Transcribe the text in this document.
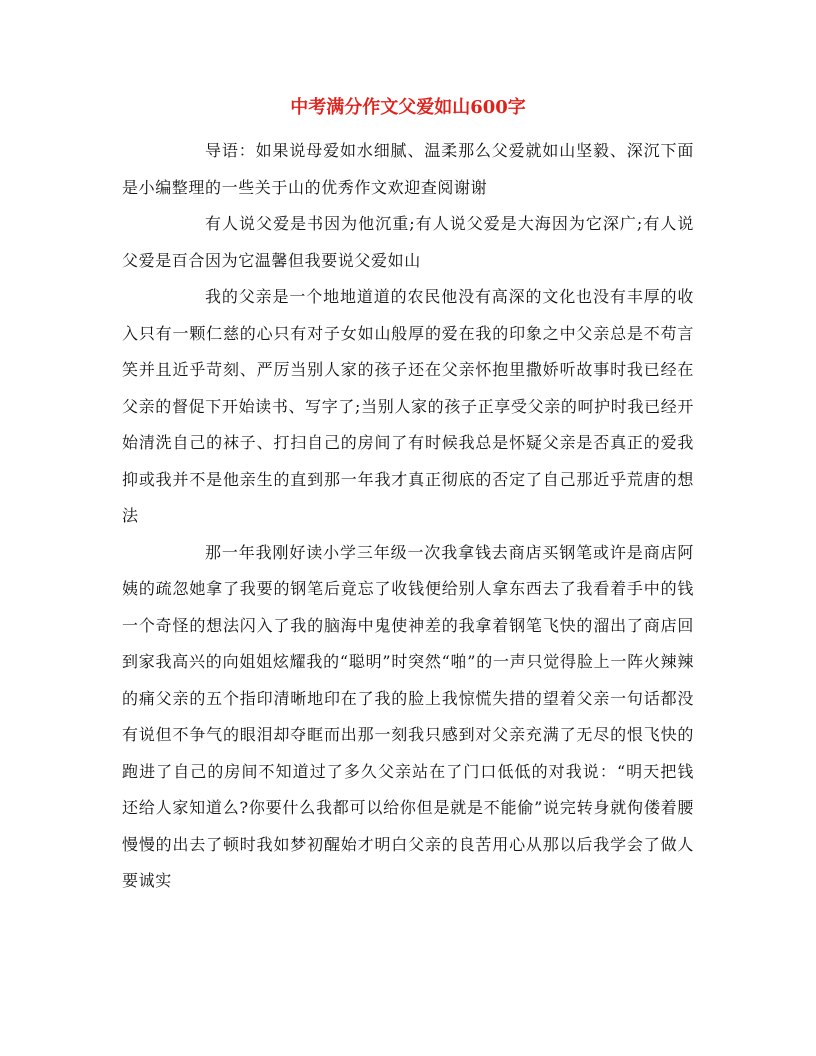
中考满分作文父爱如山600字

导语：如果说母爱如水细腻、温柔那么父爱就如山坚毅、深沉下面是小编整理的一些关于山的优秀作文欢迎查阅谢谢

有人说父爱是书因为他沉重;有人说父爱是大海因为它深广;有人说父爱是百合因为它温馨但我要说父爱如山

我的父亲是一个地地道道的农民他没有高深的文化也没有丰厚的收入只有一颗仁慈的心只有对子女如山般厚的爱在我的印象之中父亲总是不苟言笑并且近乎苛刻、严厉当别人家的孩子还在父亲怀抱里撒娇听故事时我已经在父亲的督促下开始读书、写字了;当别人家的孩子正享受父亲的呵护时我已经开始清洗自己的袜子、打扫自己的房间了有时候我总是怀疑父亲是否真正的爱我抑或我并不是他亲生的直到那一年我才真正彻底的否定了自己那近乎荒唐的想法

那一年我刚好读小学三年级一次我拿钱去商店买钢笔或许是商店阿姨的疏忽她拿了我要的钢笔后竟忘了收钱便给别人拿东西去了我看着手中的钱一个奇怪的想法闪入了我的脑海中鬼使神差的我拿着钢笔飞快的溜出了商店回到家我高兴的向姐姐炫耀我的“聪明”时突然“啪”的一声只觉得脸上一阵火辣辣的痛父亲的五个指印清晰地印在了我的脸上我惊慌失措的望着父亲一句话都没有说但不争气的眼泪却夺眶而出那一刻我只感到对父亲充满了无尽的恨飞快的跑进了自己的房间不知道过了多久父亲站在了门口低低的对我说：“明天把钱还给人家知道么?你要什么我都可以给你但是就是不能偷”说完转身就佝偻着腰慢慢的出去了顿时我如梦初醒始才明白父亲的良苦用心从那以后我学会了做人要诚实
